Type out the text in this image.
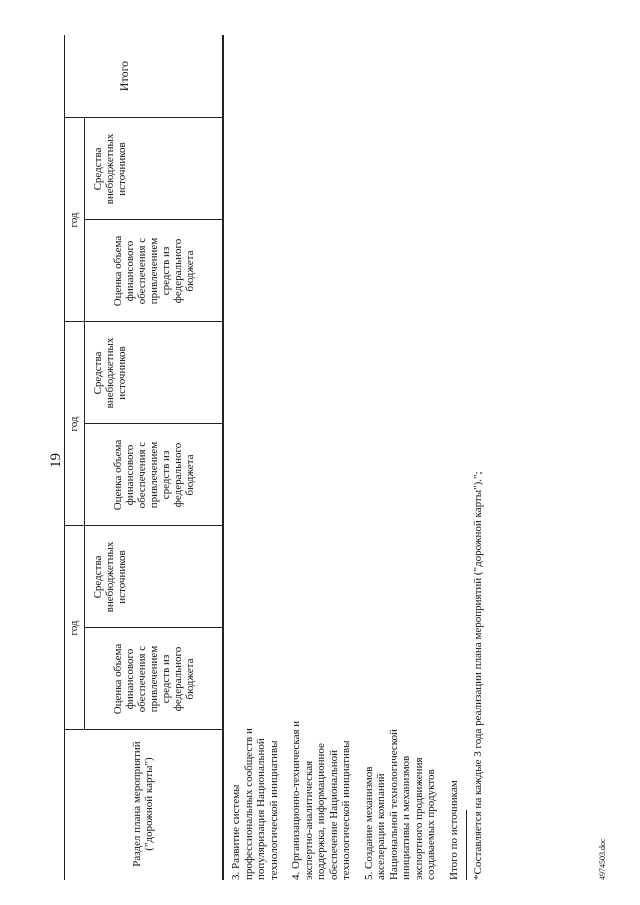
19
Раздел плана мероприятий ("дорожной карты")
год
год
год
Оценка объема финансового обеспечения с привлечением средств из федерального бюджета
Средства внебюджетных источников
Оценка объема финансового обеспечения с привлечением средств из федерального бюджета
Средства внебюджетных источников
Оценка объема финансового обеспечения с привлечением средств из федерального бюджета
Средства внебюджетных источников
Итого
3. Развитие системы профессиональных сообществ и популяризация Национальной технологической инициативы 4. Организационно-техническая и экспертно-аналитическая поддержка, информационное обеспечение Национальной технологической инициативы 5. Создание механизмов акселерации компаний Национальной технологической инициативы и механизмов экспортного продвижения создаваемых продуктов Итого по источникам *Составляется на каждые 3 года реализации плана мероприятий ("дорожной карты").";	4974503.doc
